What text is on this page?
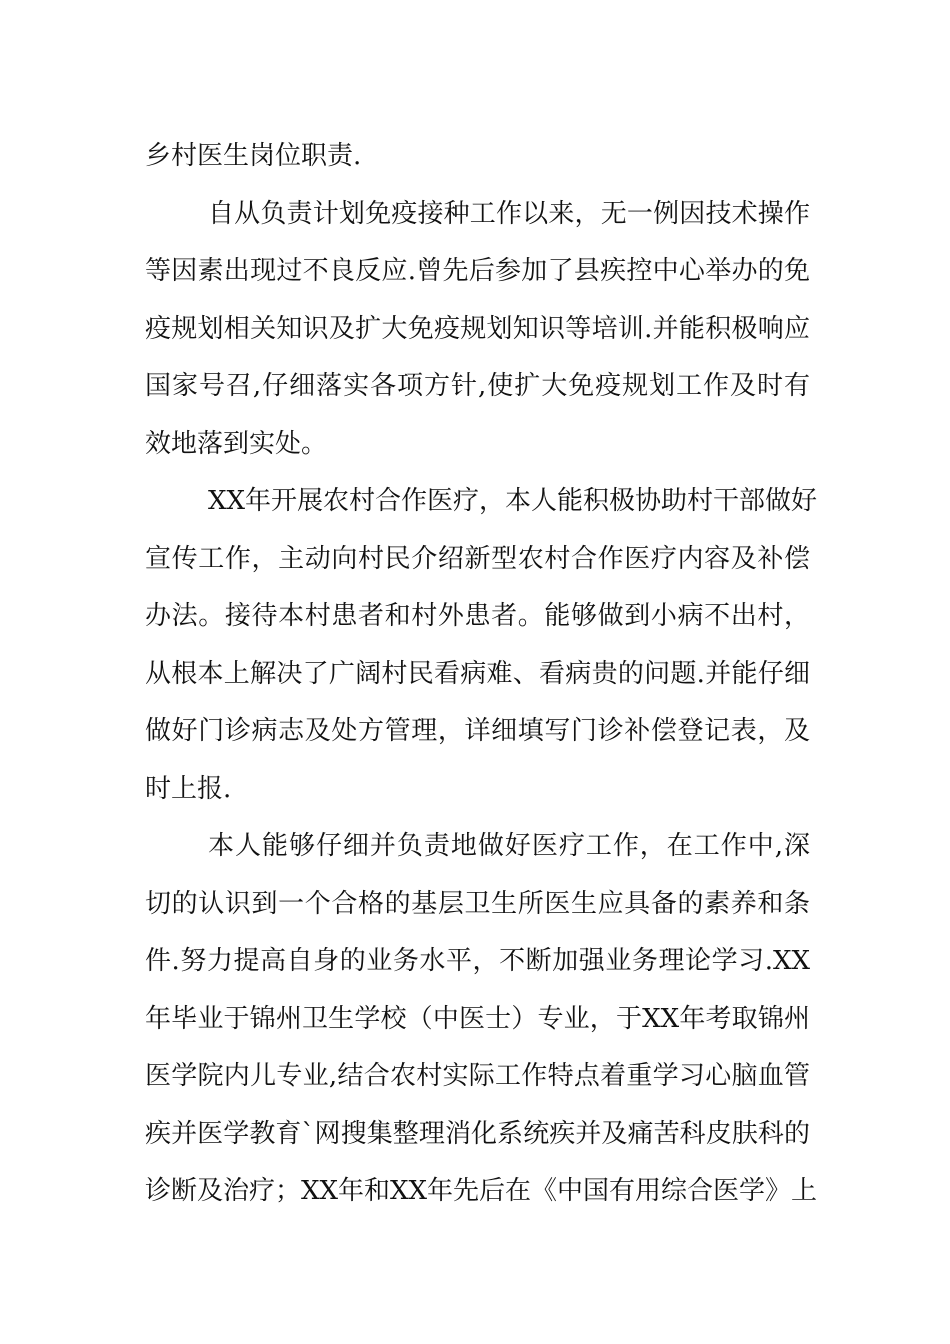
乡村医生岗位职责.
自从负责计划免疫接种工作以来，无一例因技术操作
等因素出现过不良反应.曾先后参加了县疾控中心举办的免
疫规划相关知识及扩大免疫规划知识等培训.并能积极响应
国家号召,仔细落实各项方针,使扩大免疫规划工作及时有
效地落到实处。
XX年开展农村合作医疗，本人能积极协助村干部做好
宣传工作，主动向村民介绍新型农村合作医疗内容及补偿
办法。接待本村患者和村外患者。能够做到小病不出村，
从根本上解决了广阔村民看病难、看病贵的问题.并能仔细
做好门诊病志及处方管理，详细填写门诊补偿登记表，及
时上报.
本人能够仔细并负责地做好医疗工作，在工作中,深
切的认识到一个合格的基层卫生所医生应具备的素养和条
件.努力提高自身的业务水平，不断加强业务理论学习.XX
年毕业于锦州卫生学校（中医士）专业，于XX年考取锦州
医学院内儿专业,结合农村实际工作特点着重学习心脑血管
疾并医学教育`网搜集整理消化系统疾并及痛苦科皮肤科的
诊断及治疗；XX年和XX年先后在《中国有用综合医学》上
